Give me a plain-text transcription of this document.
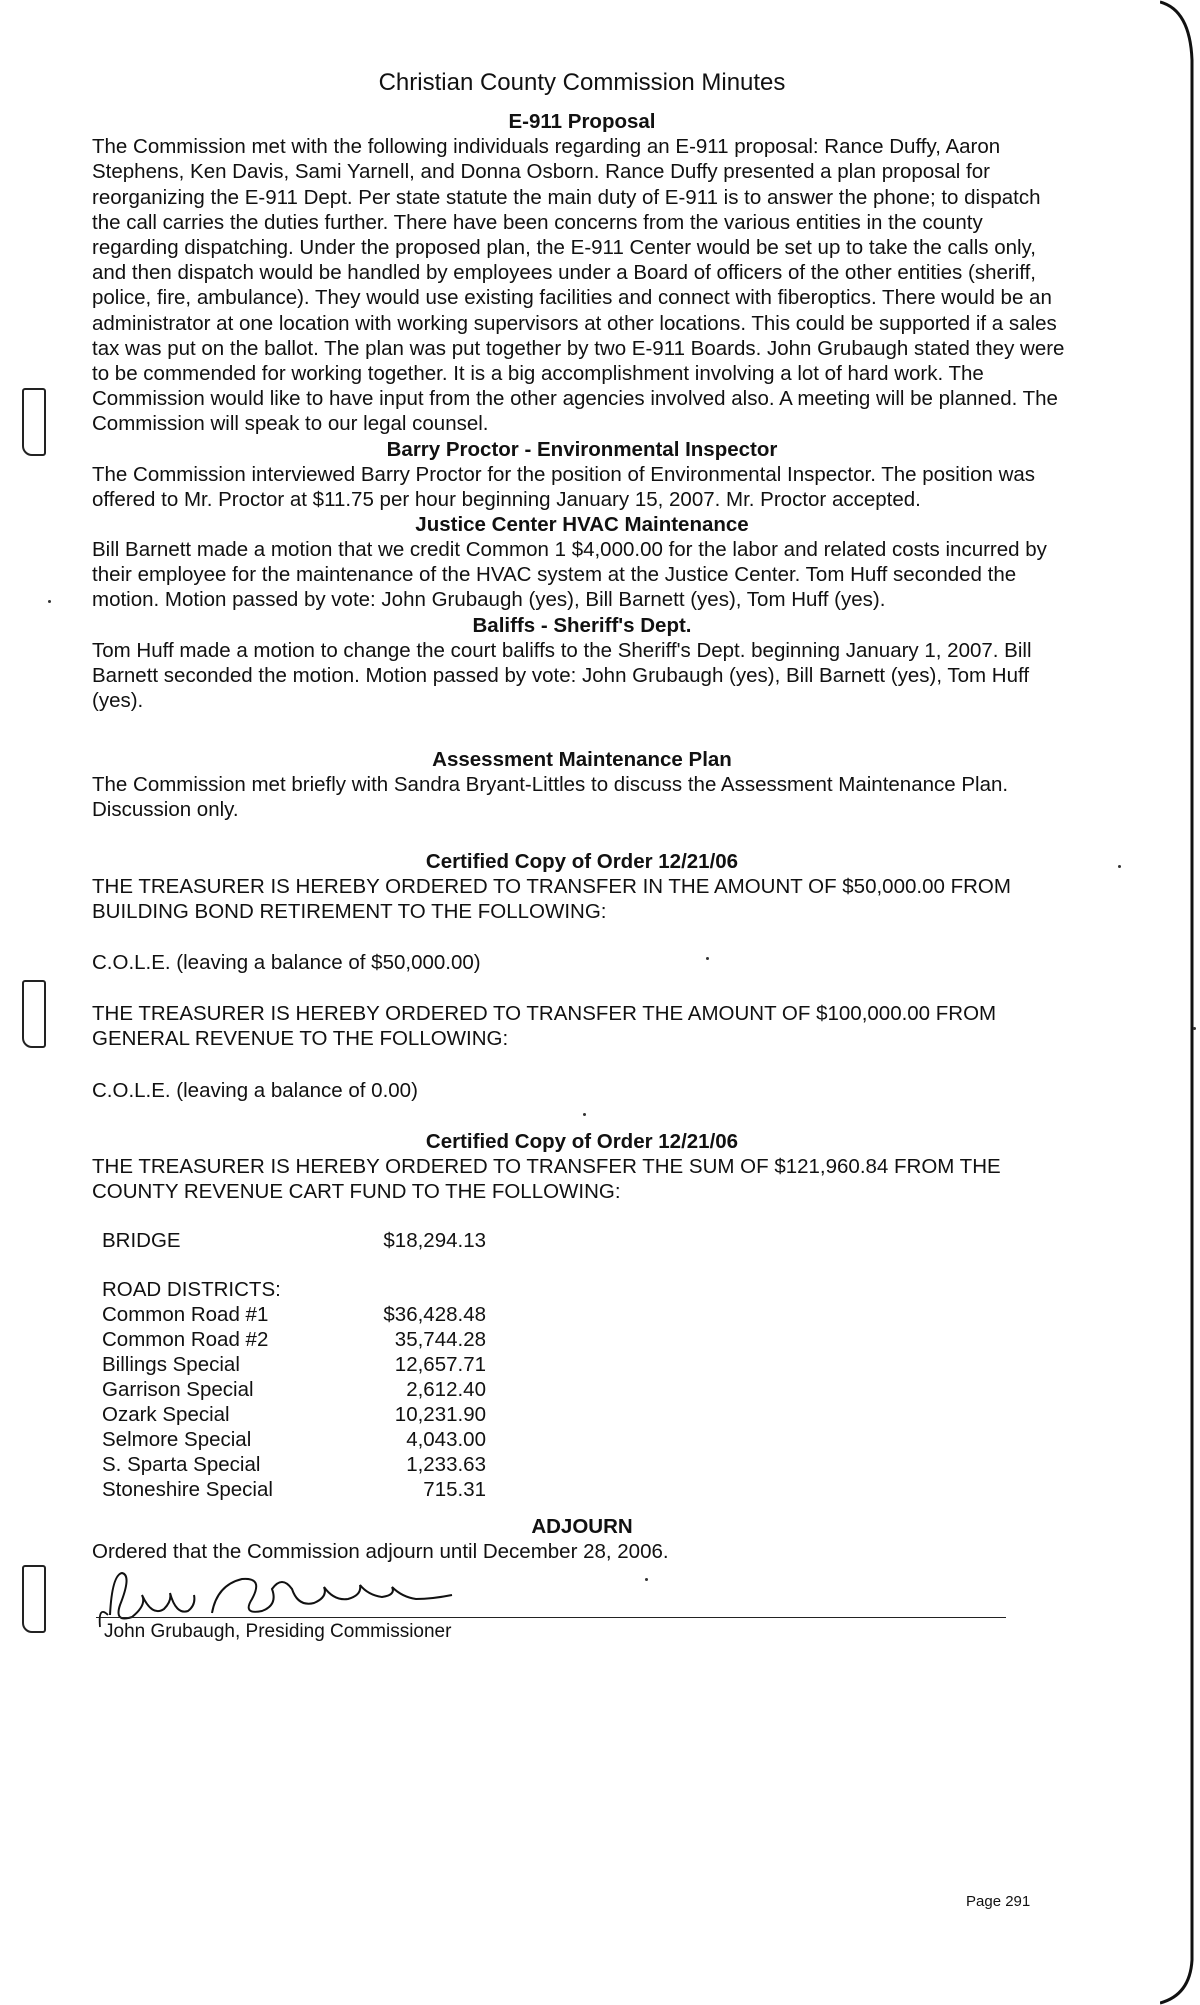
Christian County Commission Minutes
E-911 Proposal

The Commission met with the following individuals regarding an E-911 proposal: Rance Duffy, Aaron Stephens, Ken Davis, Sami Yarnell, and Donna Osborn. Rance Duffy presented a plan proposal for reorganizing the E-911 Dept. Per state statute the main duty of E-911 is to answer the phone; to dispatch the call carries the duties further. There have been concerns from the various entities in the county regarding dispatching. Under the proposed plan, the E-911 Center would be set up to take the calls only, and then dispatch would be handled by employees under a Board of officers of the other entities (sheriff, police, fire, ambulance). They would use existing facilities and connect with fiberoptics. There would be an administrator at one location with working supervisors at other locations. This could be supported if a sales tax was put on the ballot. The plan was put together by two E-911 Boards. John Grubaugh stated they were to be commended for working together. It is a big accomplishment involving a lot of hard work. The Commission would like to have input from the other agencies involved also. A meeting will be planned. The Commission will speak to our legal counsel.

Barry Proctor - Environmental Inspector

The Commission interviewed Barry Proctor for the position of Environmental Inspector. The position was offered to Mr. Proctor at $11.75 per hour beginning January 15, 2007. Mr. Proctor accepted.

Justice Center HVAC Maintenance

Bill Barnett made a motion that we credit Common 1 $4,000.00 for the labor and related costs incurred by their employee for the maintenance of the HVAC system at the Justice Center. Tom Huff seconded the motion. Motion passed by vote: John Grubaugh (yes), Bill Barnett (yes), Tom Huff (yes).

Baliffs - Sheriff's Dept.

Tom Huff made a motion to change the court baliffs to the Sheriff's Dept. beginning January 1, 2007. Bill Barnett seconded the motion. Motion passed by vote: John Grubaugh (yes), Bill Barnett (yes), Tom Huff (yes).

Assessment Maintenance Plan

The Commission met briefly with Sandra Bryant-Littles to discuss the Assessment Maintenance Plan. Discussion only.

Certified Copy of Order 12/21/06

THE TREASURER IS HEREBY ORDERED TO TRANSFER IN THE AMOUNT OF $50,000.00 FROM BUILDING BOND RETIREMENT TO THE FOLLOWING:

C.O.L.E. (leaving a balance of $50,000.00)

THE TREASURER IS HEREBY ORDERED TO TRANSFER THE AMOUNT OF $100,000.00 FROM GENERAL REVENUE TO THE FOLLOWING:

C.O.L.E. (leaving a balance of 0.00)

Certified Copy of Order 12/21/06

THE TREASURER IS HEREBY ORDERED TO TRANSFER THE SUM OF $121,960.84 FROM THE COUNTY REVENUE CART FUND TO THE FOLLOWING:

BRIDGE	$18,294.13
ROAD DISTRICTS:	
Common Road #1	$36,428.48
Common Road #2	35,744.28
Billings Special	12,657.71
Garrison Special	2,612.40
Ozark Special	10,231.90
Selmore Special	4,043.00
S. Sparta Special	1,233.63
Stoneshire Special	715.31
ADJOURN

Ordered that the Commission adjourn until December 28, 2006.

John Grubaugh, Presiding Commissioner
Page 291
